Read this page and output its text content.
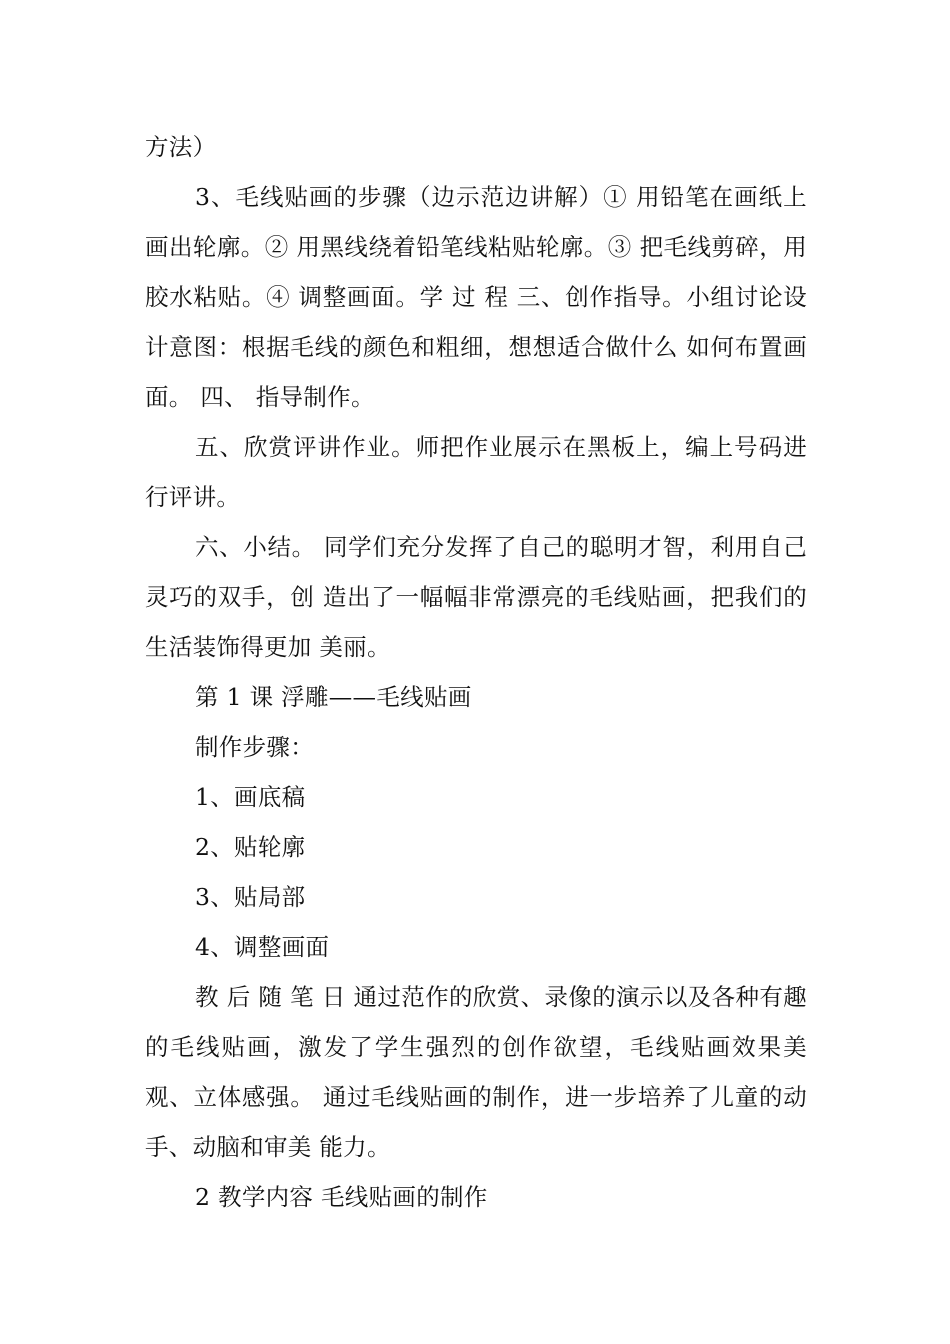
方法）

3、毛线贴画的步骤（边示范边讲解）① 用铅笔在画纸上画出轮廓。② 用黑线绕着铅笔线粘贴轮廓。③ 把毛线剪碎，用胶水粘贴。④ 调整画面。学 过 程 三、创作指导。小组讨论设计意图：根据毛线的颜色和粗细，想想适合做什么 如何布置画面。 四、 指导制作。

五、欣赏评讲作业。师把作业展示在黑板上，编上号码进行评讲。

六、小结。 同学们充分发挥了自己的聪明才智，利用自己灵巧的双手，创 造出了一幅幅非常漂亮的毛线贴画，把我们的生活装饰得更加 美丽。

第 1 课 浮雕——毛线贴画

制作步骤：

1、画底稿

2、贴轮廓

3、贴局部

4、调整画面

教 后 随 笔 日 通过范作的欣赏、录像的演示以及各种有趣的毛线贴画，激发了学生强烈的创作欲望，毛线贴画效果美观、立体感强。 通过毛线贴画的制作，进一步培养了儿童的动手、动脑和审美 能力。

2 教学内容 毛线贴画的制作
